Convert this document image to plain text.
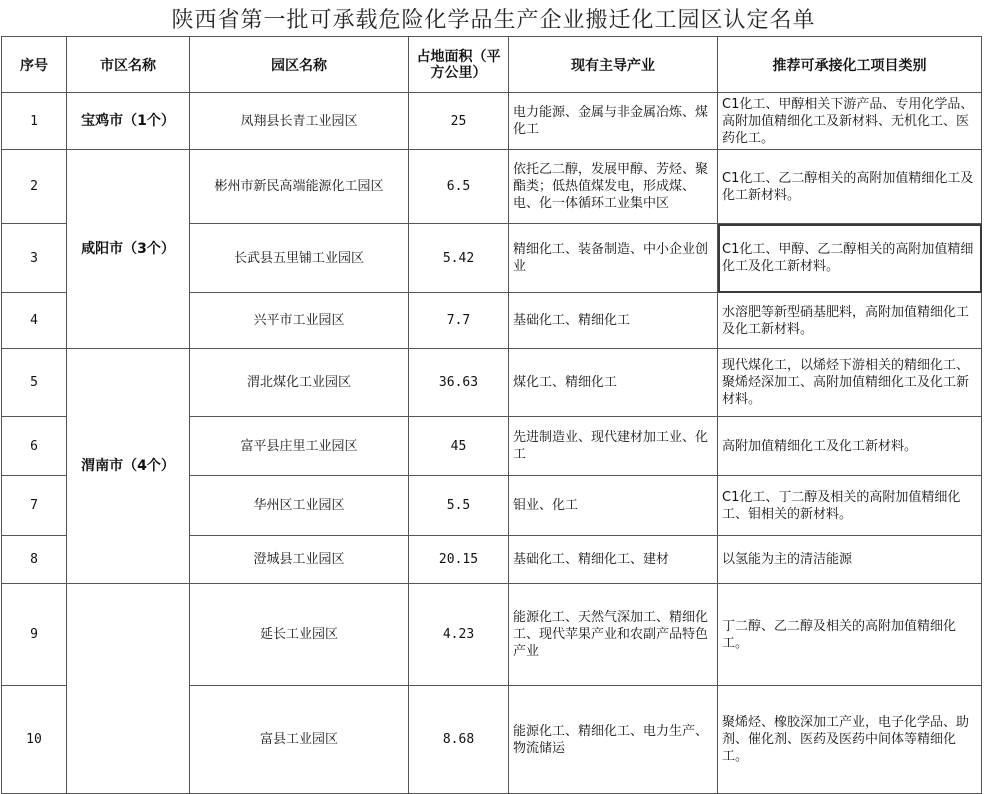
陕西省第一批可承载危险化学品生产企业搬迁化工园区认定名单
序号	市区名称	园区名称	占地面积（平方公里）	现有主导产业	推荐可承接化工项目类别
1	宝鸡市（1个）	凤翔县长青工业园区	25	电力能源、金属与非金属冶炼、煤化工	C1化工、甲醇相关下游产品、专用化学品、高附加值精细化工及新材料、无机化工、医药化工。
2	咸阳市（3个）	彬州市新民高端能源化工园区	6.5	依托乙二醇，发展甲醇、芳烃、聚酯类；低热值煤发电，形成煤、电、化一体循环工业集中区	C1化工、乙二醇相关的高附加值精细化工及化工新材料。
3		长武县五里铺工业园区	5.42	精细化工、装备制造、中小企业创业	C1化工、甲醇、乙二醇相关的高附加值精细化工及化工新材料。
4		兴平市工业园区	7.7	基础化工、精细化工	水溶肥等新型硝基肥料，高附加值精细化工及化工新材料。
5	渭南市（4个）	渭北煤化工业园区	36.63	煤化工、精细化工	现代煤化工，以烯烃下游相关的精细化工、聚烯烃深加工、高附加值精细化工及化工新材料。
6		富平县庄里工业园区	45	先进制造业、现代建材加工业、化工	高附加值精细化工及化工新材料。
7		华州区工业园区	5.5	钼业、化工	C1化工、丁二醇及相关的高附加值精细化工、钼相关的新材料。
8		澄城县工业园区	20.15	基础化工、精细化工、建材	以氢能为主的清洁能源
9		延长工业园区	4.23	能源化工、天然气深加工、精细化工、现代苹果产业和农副产品特色产业	丁二醇、乙二醇及相关的高附加值精细化工。
10		富县工业园区	8.68	能源化工、精细化工、电力生产、物流储运	聚烯烃、橡胶深加工产业，电子化学品、助剂、催化剂、医药及医药中间体等精细化工。
